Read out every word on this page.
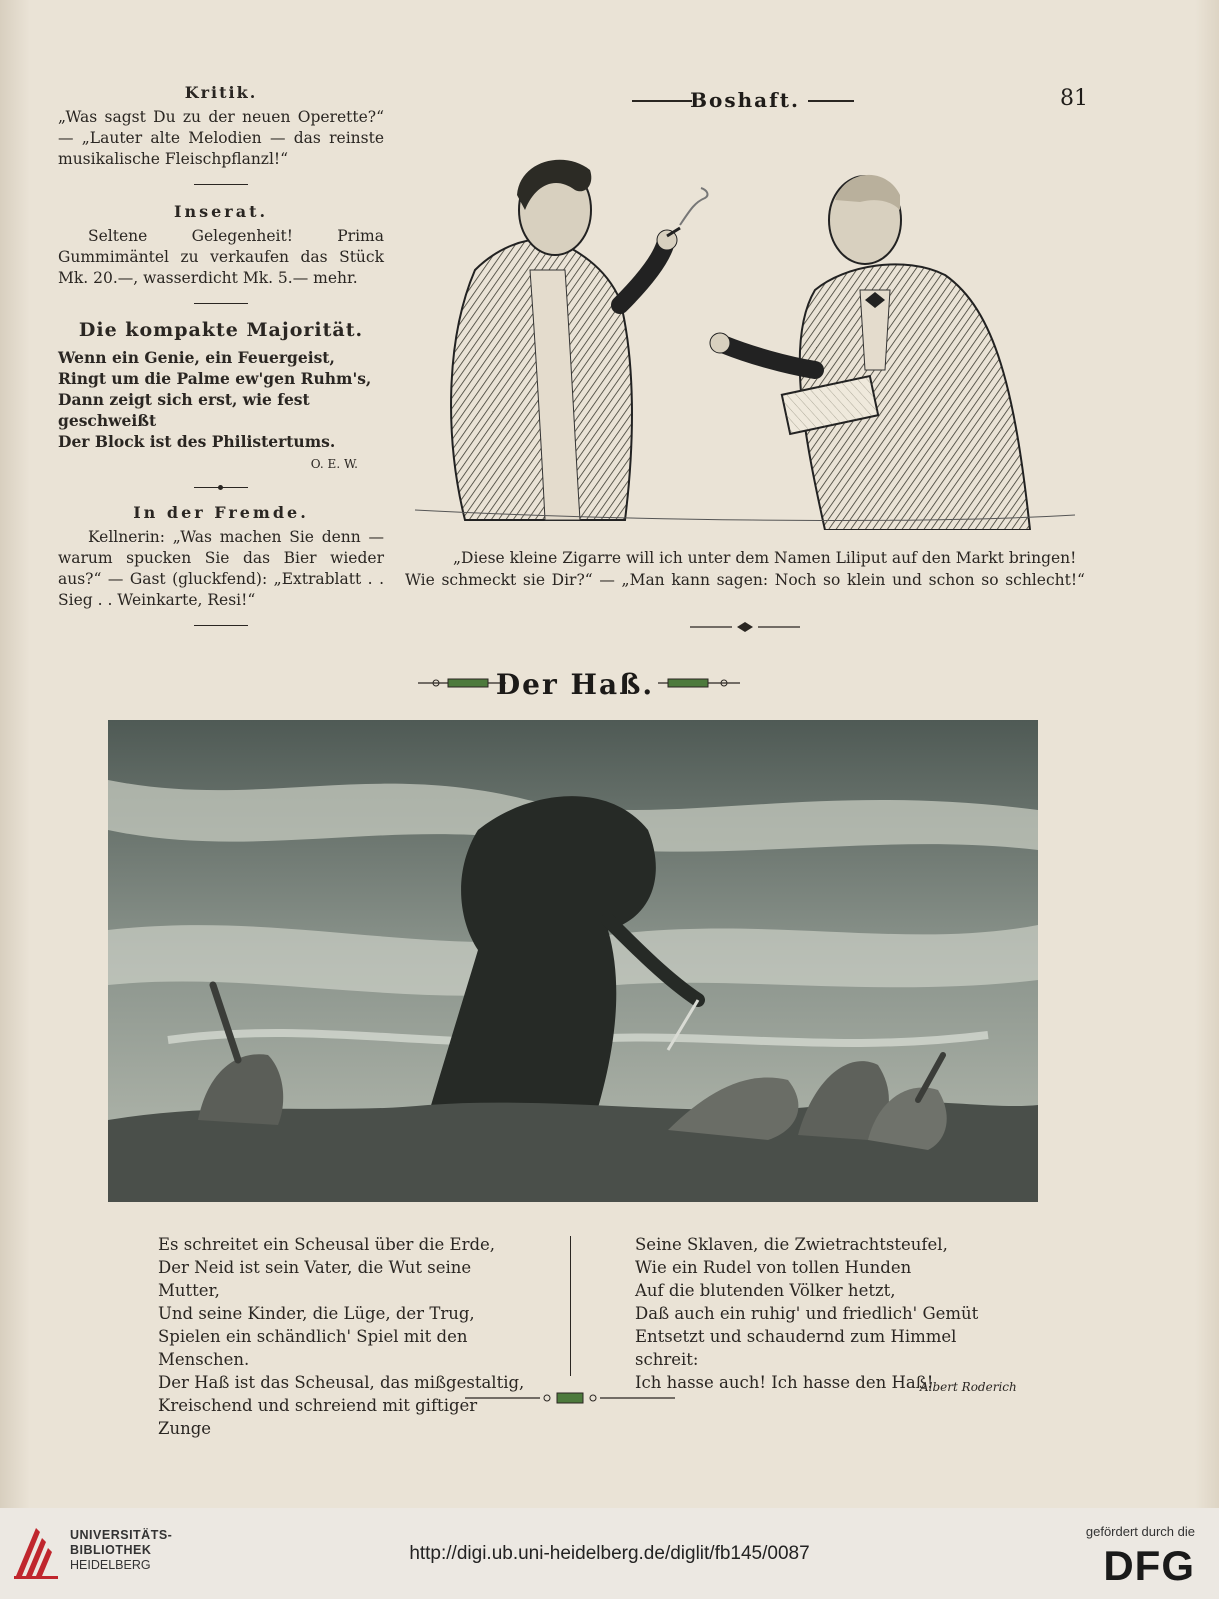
Boshaft.	81
Kritik.

„Was sagst Du zu der neuen Operette?“ — „Lauter alte Melodien — das reinste musikalische Fleischpflanzl!“

Inserat.

Seltene Gelegenheit! Prima Gummimäntel zu verkaufen das Stück Mk. 20.—, wasserdicht Mk. 5.— mehr.

Die kompakte Majorität.

Wenn ein Genie, ein Feuergeist,

Ringt um die Palme ew'gen Ruhm's,

Dann zeigt sich erst, wie fest geschweißt

Der Block ist des Philistertums.

O. E. W.
In der Fremde.

Kellnerin: „Was machen Sie denn — warum spucken Sie das Bier wieder aus?“ — Gast (gluckfend): „Extrablatt . . Sieg . . Weinkarte, Resi!“

„Diese kleine Zigarre will ich unter dem Namen Liliput auf den Markt bringen!
Wie schmeckt sie Dir?“ — „Man kann sagen: Noch so klein und schon so schlecht!“
Der Haß.
Es schreitet ein Scheusal über die Erde,
Der Neid ist sein Vater, die Wut seine Mutter,
Und seine Kinder, die Lüge, der Trug,
Spielen ein schändlich' Spiel mit den Menschen.
Der Haß ist das Scheusal, das mißgestaltig,
Kreischend und schreiend mit giftiger Zunge
Seine Sklaven, die Zwietrachtsteufel,
Wie ein Rudel von tollen Hunden
Auf die blutenden Völker hetzt,
Daß auch ein ruhig' und friedlich' Gemüt
Entsetzt und schaudernd zum Himmel schreit:
Ich hasse auch! Ich hasse den Haß!
Albert Roderich
UNIVERSITÄTS-
BIBLIOTHEK
HEIDELBERG
http://digi.ub.uni-heidelberg.de/diglit/fb145/0087
gefördert durch die
DFG
